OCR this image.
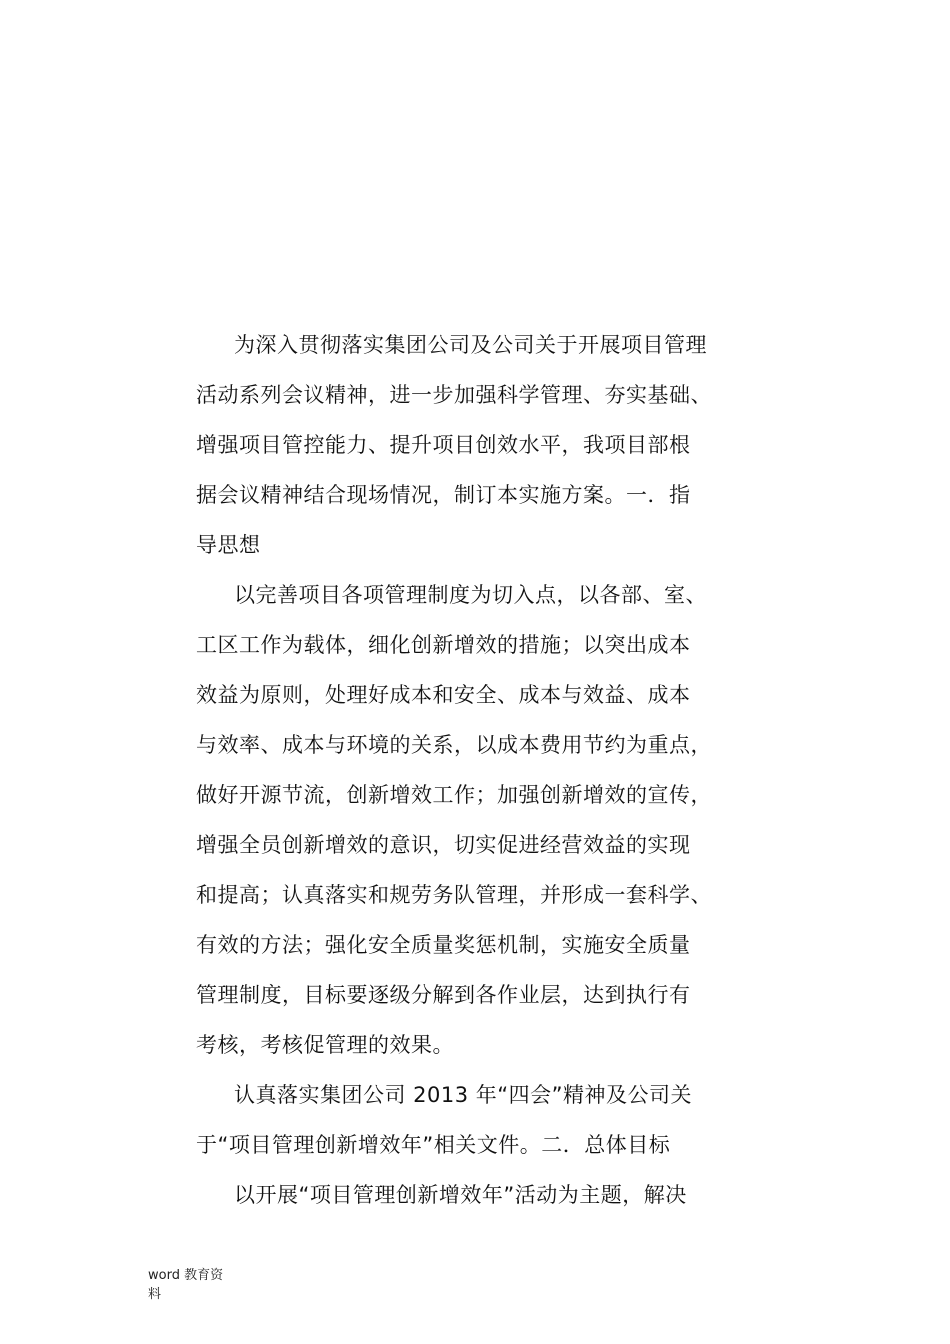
为深入贯彻落实集团公司及公司关于开展项目管理
活动系列会议精神，进一步加强科学管理、夯实基础、
增强项目管控能力、提升项目创效水平，我项目部根
据会议精神结合现场情况，制订本实施方案。一．指
导思想

以完善项目各项管理制度为切入点，以各部、室、
工区工作为载体，细化创新增效的措施；以突出成本
效益为原则，处理好成本和安全、成本与效益、成本
与效率、成本与环境的关系，以成本费用节约为重点，
做好开源节流，创新增效工作；加强创新增效的宣传，
增强全员创新增效的意识，切实促进经营效益的实现
和提高；认真落实和规劳务队管理，并形成一套科学、
有效的方法；强化安全质量奖惩机制，实施安全质量
管理制度，目标要逐级分解到各作业层，达到执行有
考核，考核促管理的效果。

认真落实集团公司 2013 年“四会”精神及公司关
于“项目管理创新增效年”相关文件。二．总体目标

以开展“项目管理创新增效年”活动为主题，解决

word 教育资
料
